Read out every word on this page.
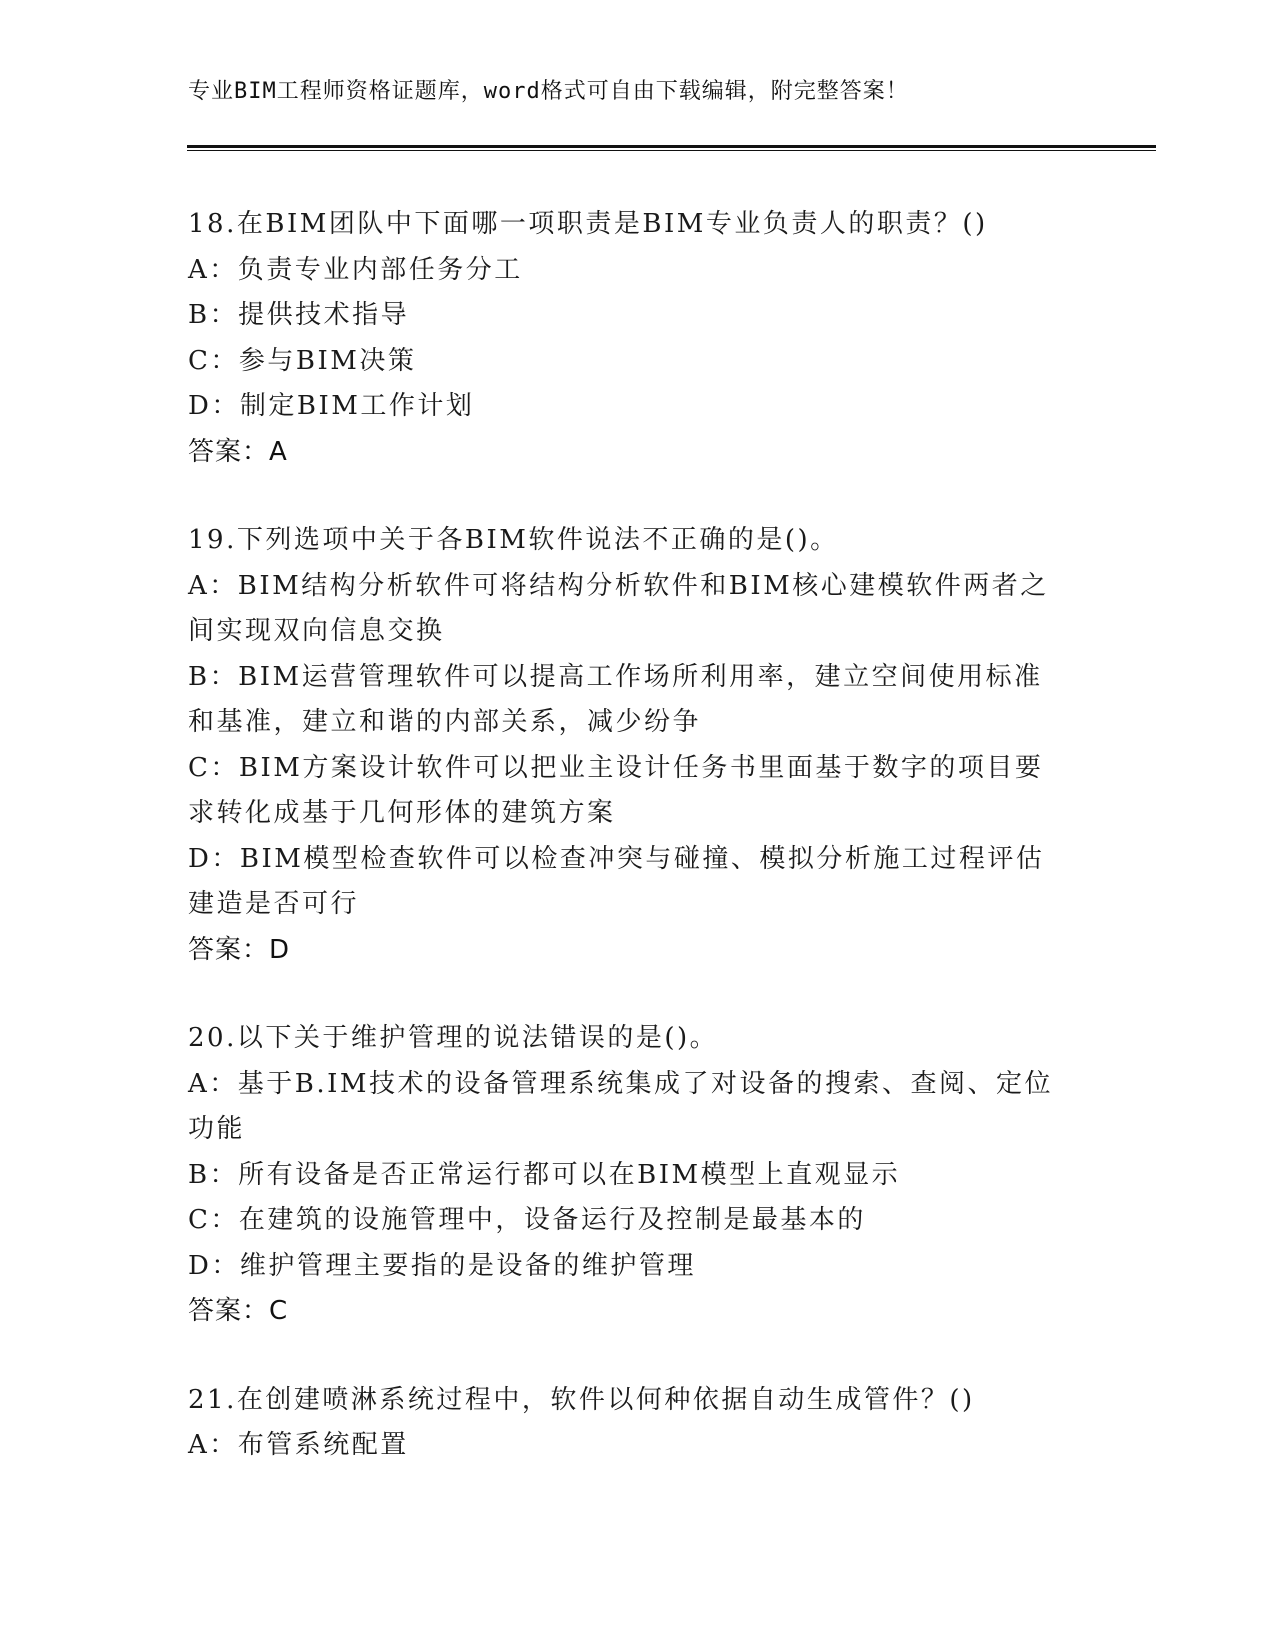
专业BIM工程师资格证题库，word格式可自由下载编辑，附完整答案！
18.在BIM团队中下面哪一项职责是BIM专业负责人的职责？()
A：负责专业内部任务分工
B：提供技术指导
C：参与BIM决策
D：制定BIM工作计划
答案：A
19.下列选项中关于各BIM软件说法不正确的是()。
A：BIM结构分析软件可将结构分析软件和BIM核心建模软件两者之间实现双向信息交换
B：BIM运营管理软件可以提高工作场所利用率，建立空间使用标准和基准，建立和谐的内部关系，减少纷争
C：BIM方案设计软件可以把业主设计任务书里面基于数字的项目要求转化成基于几何形体的建筑方案
D：BIM模型检查软件可以检查冲突与碰撞、模拟分析施工过程评估建造是否可行
答案：D
20.以下关于维护管理的说法错误的是()。
A：基于B.IM技术的设备管理系统集成了对设备的搜索、查阅、定位功能
B：所有设备是否正常运行都可以在BIM模型上直观显示
C：在建筑的设施管理中，设备运行及控制是最基本的
D：维护管理主要指的是设备的维护管理
答案：C
21.在创建喷淋系统过程中，软件以何种依据自动生成管件？()
A：布管系统配置
